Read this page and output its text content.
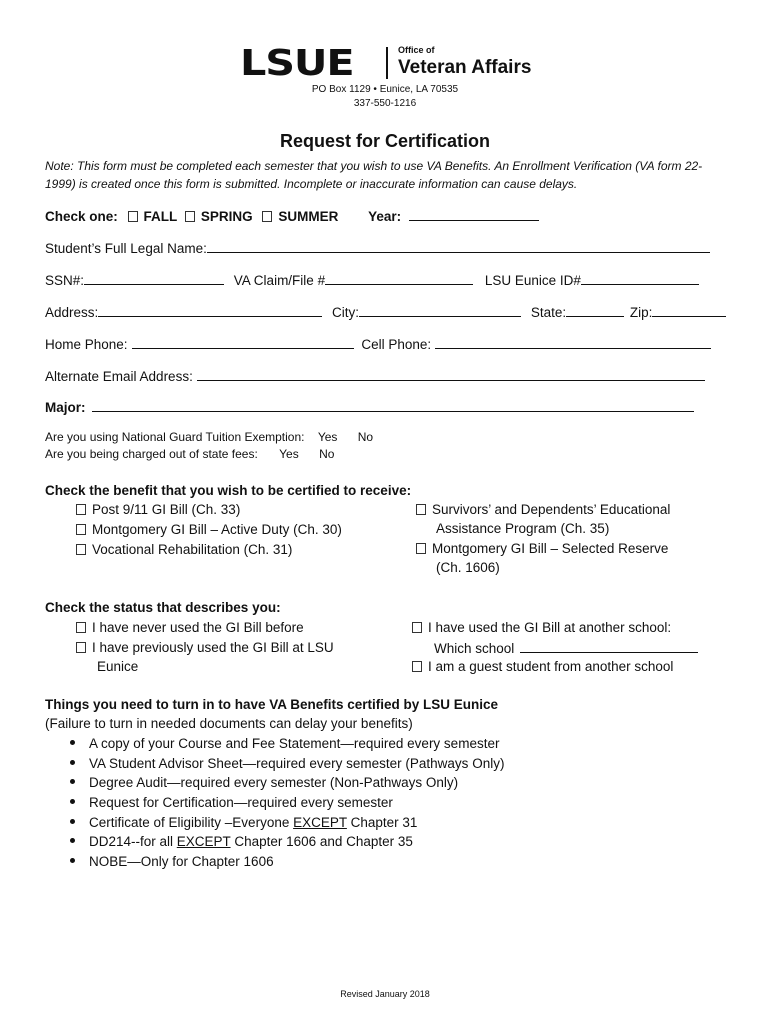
LSUE	Office of
Veteran Affairs
PO Box 1129 • Eunice, LA 70535
337-550-1216
Request for Certification
Note: This form must be completed each semester that you wish to use VA Benefits. An Enrollment Verification (VA form 22-1999) is created once this form is submitted. Incomplete or inaccurate information can cause delays.
Check one: FALL SPRING SUMMER Year:
Student’s Full Legal Name:
SSN#:	VA Claim/File #	LSU Eunice ID#
Address:	City:	State:	Zip:
Home Phone:	Cell Phone:
Alternate Email Address:
Major:
Are you using National Guard Tuition Exemption: Yes No
Are you being charged out of state fees: Yes No
Check the benefit that you wish to be certified to receive:
Post 9/11 GI Bill (Ch. 33)
Montgomery GI Bill – Active Duty (Ch. 30)
Vocational Rehabilitation (Ch. 31)
Survivors’ and Dependents’ Educational
Assistance Program (Ch. 35)
Montgomery GI Bill – Selected Reserve
(Ch. 1606)
Check the status that describes you:
I have never used the GI Bill before
I have previously used the GI Bill at LSU
Eunice
I have used the GI Bill at another school:
Which school
I am a guest student from another school
Things you need to turn in to have VA Benefits certified by LSU Eunice
(Failure to turn in needed documents can delay your benefits)
A copy of your Course and Fee Statement—required every semester
VA Student Advisor Sheet—required every semester (Pathways Only)
Degree Audit—required every semester (Non-Pathways Only)
Request for Certification—required every semester
Certificate of Eligibility –Everyone EXCEPT Chapter 31
DD214--for all EXCEPT Chapter 1606 and Chapter 35
NOBE—Only for Chapter 1606
Revised January 2018
